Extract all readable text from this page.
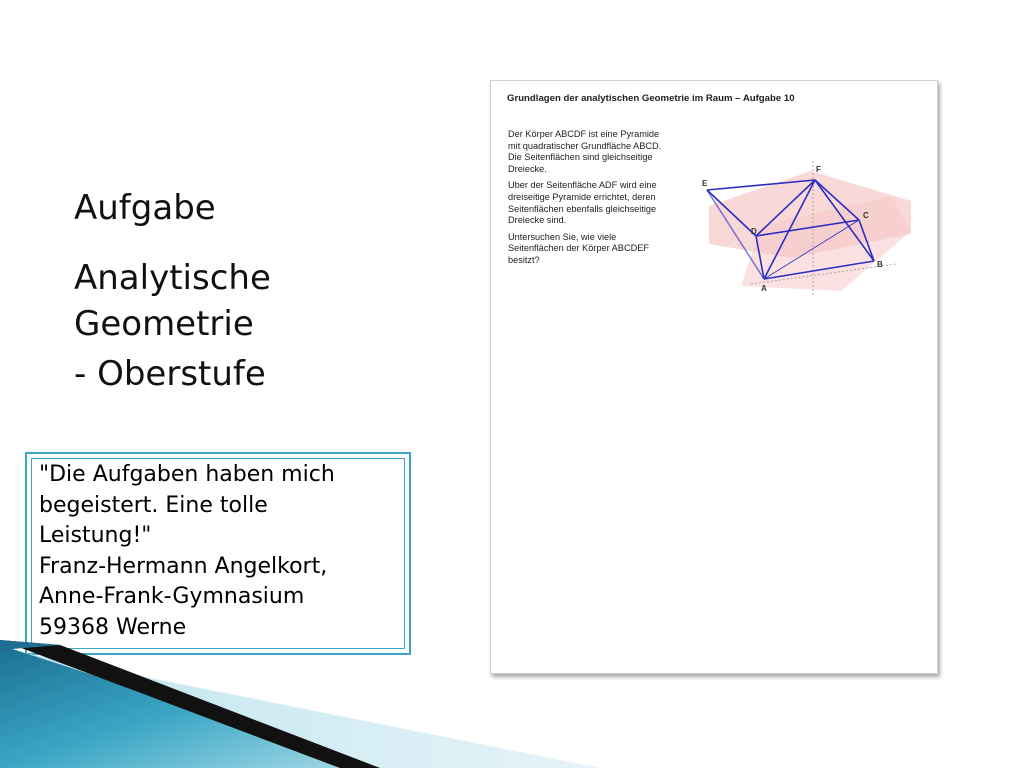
Aufgabe
Analytische
Geometrie
- Oberstufe
"Die Aufgaben haben mich
begeistert. Eine tolle
Leistung!"
Franz-Hermann Angelkort,
Anne-Frank-Gymnasium
59368 Werne
Grundlagen der analytischen Geometrie im Raum – Aufgabe 10

Der Körper ABCDF ist eine Pyramide
mit quadratischer Grundfläche ABCD.
Die Seitenflächen sind gleichseitige
Dreiecke.

Uber der Seitenfläche ADF wird eine
dreiseitige Pyramide errichtet, deren
Seitenflächen ebenfalls gleichseitige
Dreiecke sind.

Untersuchen Sie, wie viele
Seitenflächen der Körper ABCDEF
besitzt?

A
B
C
D
E
F
